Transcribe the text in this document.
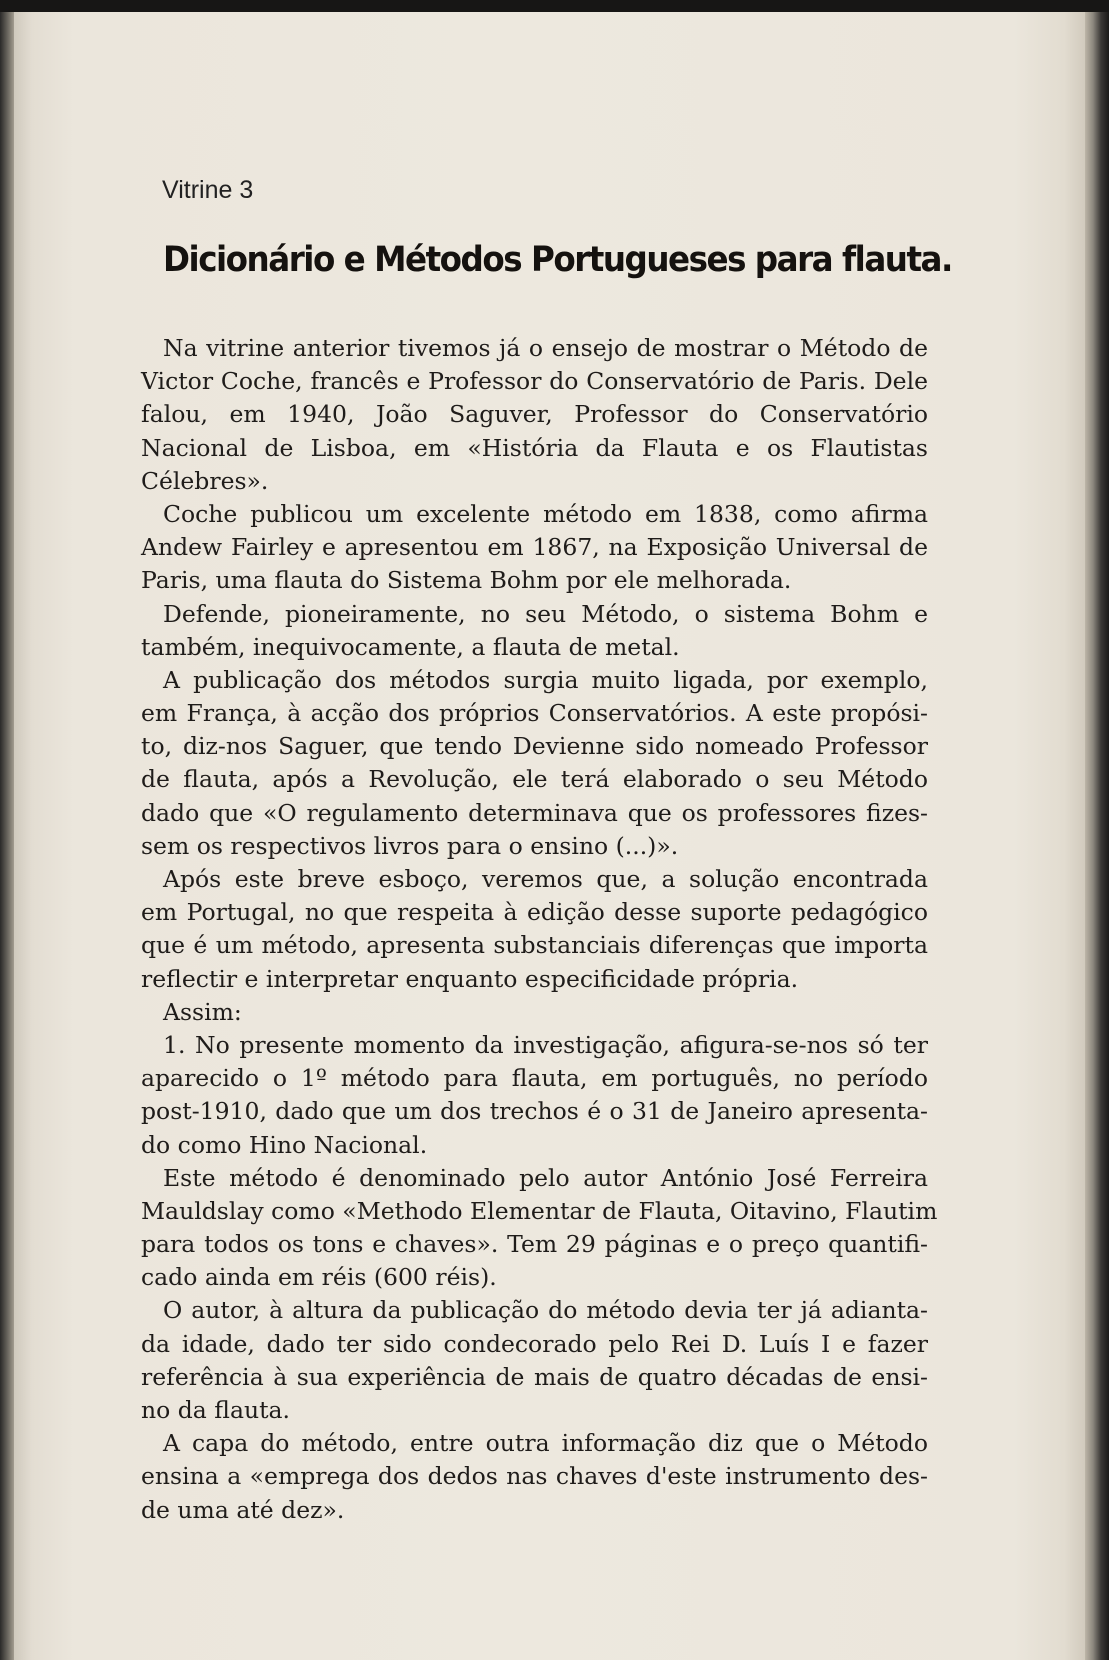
Vitrine 3
Dicionário e Métodos Portugueses para flauta.
Na vitrine anterior tivemos já o ensejo de mostrar o Método de
Victor Coche, francês e Professor do Conservatório de Paris. Dele
falou, em 1940, João Saguver, Professor do Conservatório
Nacional de Lisboa, em «História da Flauta e os Flautistas
Célebres».
Coche publicou um excelente método em 1838, como afirma
Andew Fairley e apresentou em 1867, na Exposição Universal de
Paris, uma flauta do Sistema Bohm por ele melhorada.
Defende, pioneiramente, no seu Método, o sistema Bohm e
também, inequivocamente, a flauta de metal.
A publicação dos métodos surgia muito ligada, por exemplo,
em França, à acção dos próprios Conservatórios. A este propósi-
to, diz-nos Saguer, que tendo Devienne sido nomeado Professor
de flauta, após a Revolução, ele terá elaborado o seu Método
dado que «O regulamento determinava que os professores fizes-
sem os respectivos livros para o ensino (...)».
Após este breve esboço, veremos que, a solução encontrada
em Portugal, no que respeita à edição desse suporte pedagógico
que é um método, apresenta substanciais diferenças que importa
reflectir e interpretar enquanto especificidade própria.
Assim:
1. No presente momento da investigação, afigura-se-nos só ter
aparecido o 1º método para flauta, em português, no período
post-1910, dado que um dos trechos é o 31 de Janeiro apresenta-
do como Hino Nacional.
Este método é denominado pelo autor António José Ferreira
Mauldslay como «Methodo Elementar de Flauta, Oitavino, Flautim
para todos os tons e chaves». Tem 29 páginas e o preço quantifi-
cado ainda em réis (600 réis).
O autor, à altura da publicação do método devia ter já adianta-
da idade, dado ter sido condecorado pelo Rei D. Luís I e fazer
referência à sua experiência de mais de quatro décadas de ensi-
no da flauta.
A capa do método, entre outra informação diz que o Método
ensina a «emprega dos dedos nas chaves d'este instrumento des-
de uma até dez».
